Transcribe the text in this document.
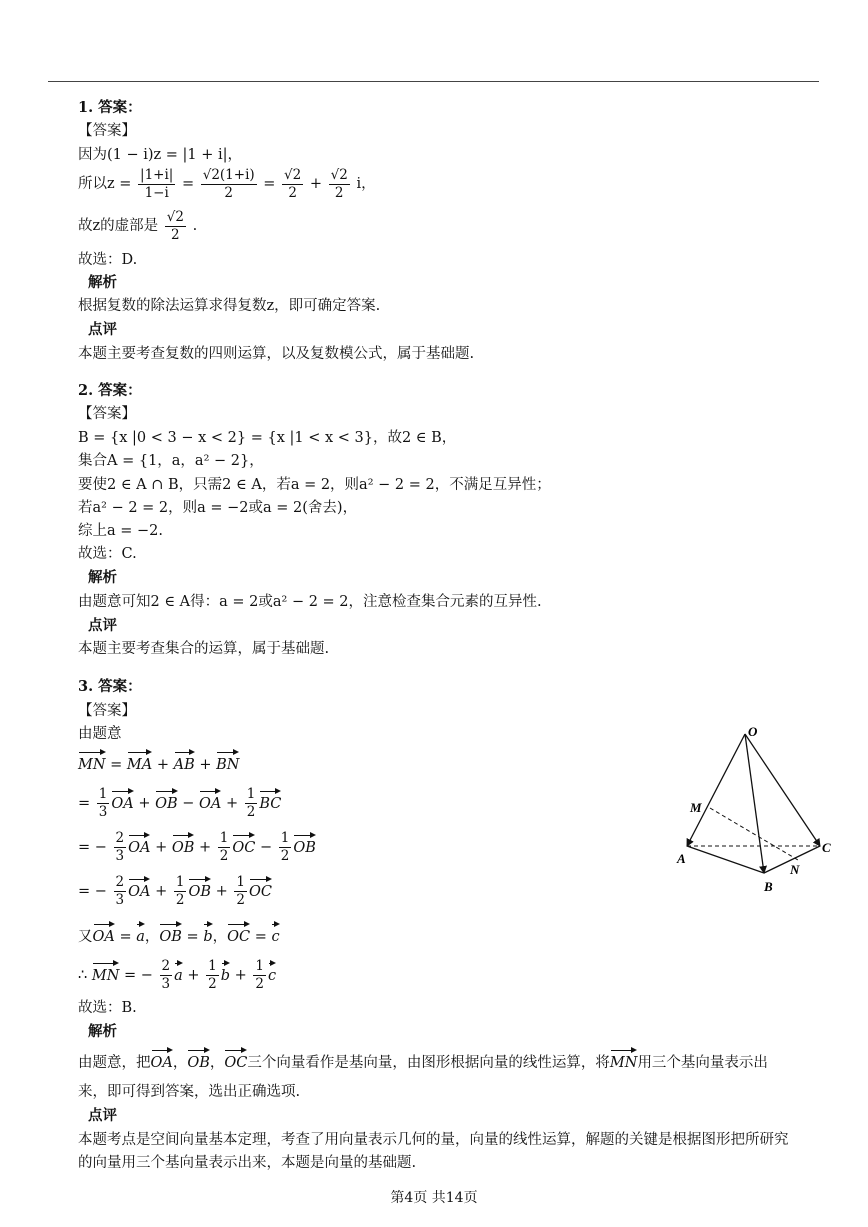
1. 答案：
【答案】
因为(1 − i)z = |1 + i|，
所以$z = \frac{|1+i|}{1-i} = \frac{√2(1+i)}{2} = \frac{√2}{2} + \frac{√2}{2}$ i，
故z的虚部是 $\frac{√2}{2}$ .
故选：D.
解析
根据复数的除法运算求得复数z，即可确定答案.
点评
本题主要考查复数的四则运算，以及复数模公式，属于基础题.
2. 答案：
【答案】
B = {x |0 < 3 − x < 2} = {x |1 < x < 3}，故2 ∈ B，
集合A = {1，a，a² − 2}，
要使2 ∈ A ∩ B，只需2 ∈ A，若a = 2，则a² − 2 = 2，不满足互异性；
若a² − 2 = 2，则a = −2或a = 2(舍去)，
综上a = −2.
故选：C.
解析
由题意可知2 ∈ A得：a = 2或a² − 2 = 2，注意检查集合元素的互异性.
点评
本题主要考查集合的运算，属于基础题.
3. 答案：
【答案】
由题意
MN = MA + AB + BN
= $\frac{1}{3}$ OA + OB − OA + $\frac{1}{2}$ BC
= − $\frac{2}{3}$ OA + OB + $\frac{1}{2}$ OC − $\frac{1}{2}$ OB
= − $\frac{2}{3}$ OA + $\frac{1}{2}$ OB + $\frac{1}{2}$ OC
又OA = a，OB = b，OC = c
∴ MN = − $\frac{2}{3}$ $a + \frac{1}{2}$ $b + \frac{1}{2}$ c
故选：B.
解析
由题意，把OA，OB，OC三个向量看作是基向量，由图形根据向量的线性运算，将MN用三个基向量表示出
来，即可得到答案，选出正确选项.
点评
本题考点是空间向量基本定理，考查了用向量表示几何的量，向量的线性运算，解题的关键是根据图形把所研究
的向量用三个基向量表示出来，本题是向量的基础题.
O
M
A
B
C
N
第4页 共14页
